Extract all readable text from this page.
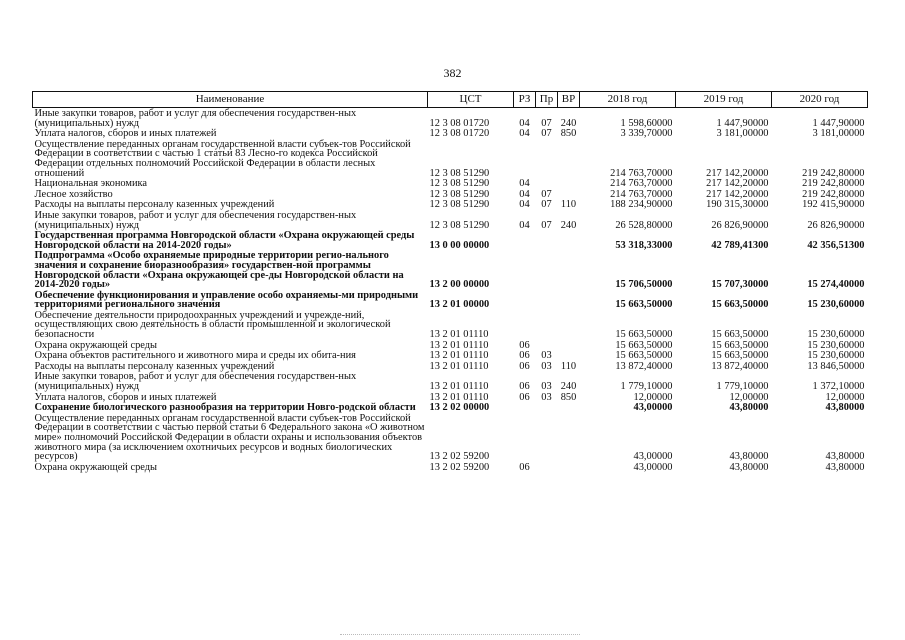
382
Наименование	ЦСТ	РЗ	Пр	ВР	2018 год	2019 год	2020 год
Иные закупки товаров, работ и услуг для обеспечения государствен-ных (муниципальных) нужд	12 3 08 01720	04	07	240	1 598,60000	1 447,90000	1 447,90000
Уплата налогов, сборов и иных платежей	12 3 08 01720	04	07	850	3 339,70000	3 181,00000	3 181,00000
Осуществление переданных органам государственной власти субъек-тов Российской Федерации в соответствии с частью 1 статьи 83 Лесно-го кодекса Российской Федерации отдельных полномочий Российской Федерации в области лесных отношений	12 3 08 51290				214 763,70000	217 142,20000	219 242,80000
Национальная экономика	12 3 08 51290	04			214 763,70000	217 142,20000	219 242,80000
Лесное хозяйство	12 3 08 51290	04	07		214 763,70000	217 142,20000	219 242,80000
Расходы на выплаты персоналу казенных учреждений	12 3 08 51290	04	07	110	188 234,90000	190 315,30000	192 415,90000
Иные закупки товаров, работ и услуг для обеспечения государствен-ных (муниципальных) нужд	12 3 08 51290	04	07	240	26 528,80000	26 826,90000	26 826,90000
Государственная программа Новгородской области «Охрана окружающей среды Новгородской области на 2014-2020 годы»	13 0 00 00000				53 318,33000	42 789,41300	42 356,51300
Подпрограмма «Особо охраняемые природные территории регио-нального значения и сохранение биоразнообразия» государствен-ной программы Новгородской области «Охрана окружающей сре-ды Новгородской области на 2014-2020 годы»	13 2 00 00000				15 706,50000	15 707,30000	15 274,40000
Обеспечение функционирования и управление особо охраняемы-ми природными территориями регионального значения	13 2 01 00000				15 663,50000	15 663,50000	15 230,60000
Обеспечение деятельности природоохранных учреждений и учрежде-ний, осуществляющих свою деятельность в области промышленной и экологической безопасности	13 2 01 01110				15 663,50000	15 663,50000	15 230,60000
Охрана окружающей среды	13 2 01 01110	06			15 663,50000	15 663,50000	15 230,60000
Охрана объектов растительного и животного мира и среды их обита-ния	13 2 01 01110	06	03		15 663,50000	15 663,50000	15 230,60000
Расходы на выплаты персоналу казенных учреждений	13 2 01 01110	06	03	110	13 872,40000	13 872,40000	13 846,50000
Иные закупки товаров, работ и услуг для обеспечения государствен-ных (муниципальных) нужд	13 2 01 01110	06	03	240	1 779,10000	1 779,10000	1 372,10000
Уплата налогов, сборов и иных платежей	13 2 01 01110	06	03	850	12,00000	12,00000	12,00000
Сохранение биологического разнообразия на территории Новго-родской области	13 2 02 00000				43,00000	43,80000	43,80000
Осуществление переданных органам государственной власти субъек-тов Российской Федерации в соответствии с частью первой статьи 6 Федерального закона «О животном мире» полномочий Российской Федерации в области охраны и использования объектов животного мира (за исключением охотничьих ресурсов и водных биологических ресурсов)	13 2 02 59200				43,00000	43,80000	43,80000
Охрана окружающей среды	13 2 02 59200	06			43,00000	43,80000	43,80000
